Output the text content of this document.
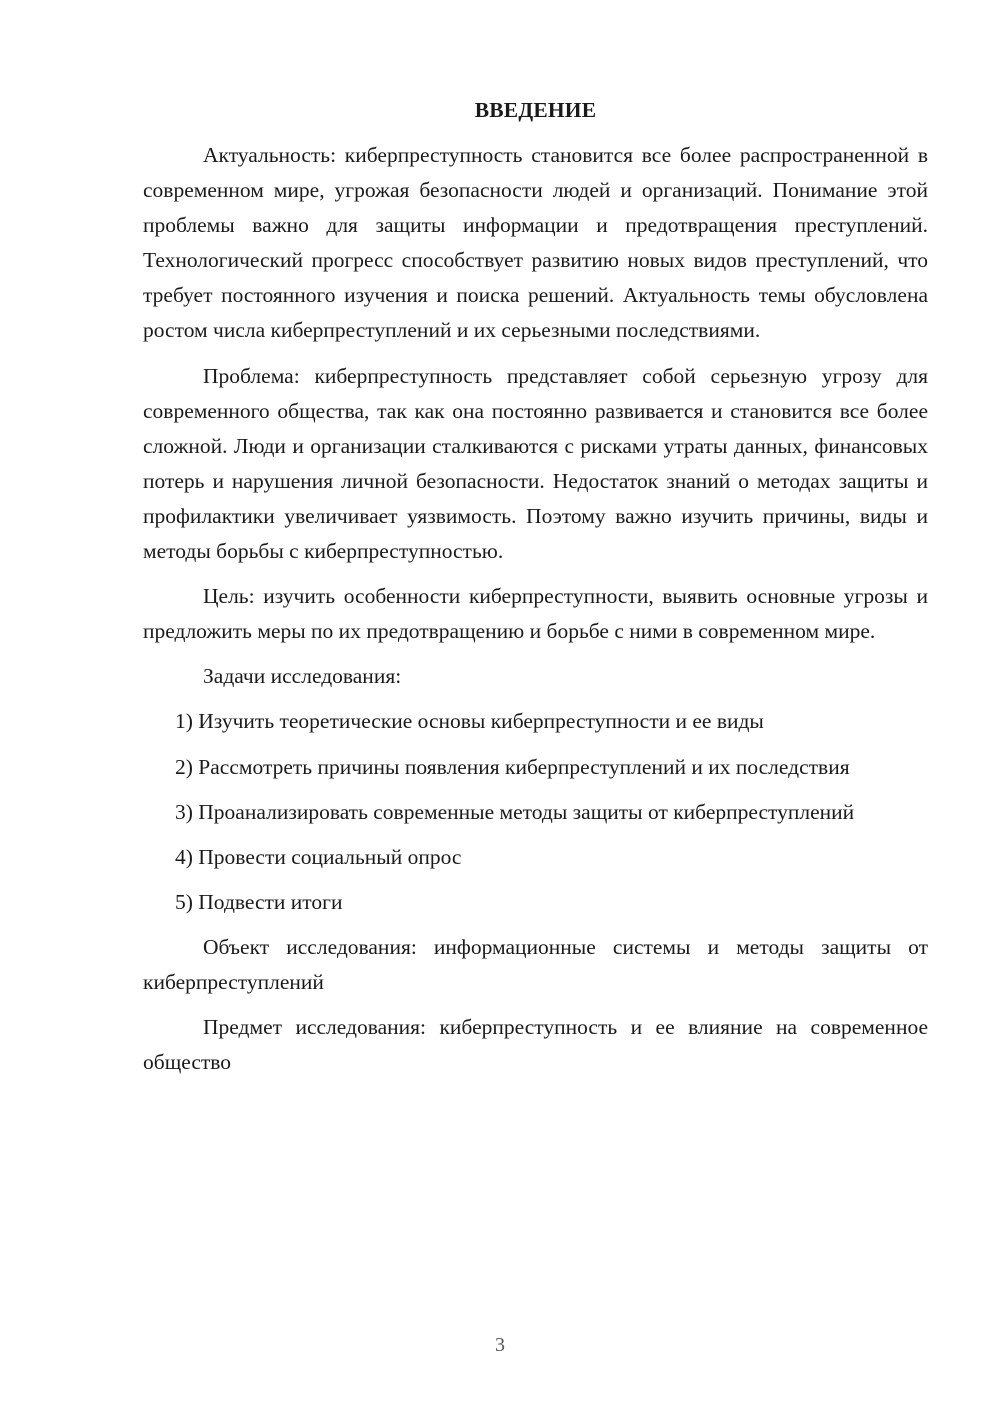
ВВЕДЕНИЕ

Актуальность: киберпреступность становится все более распространенной в современном мире, угрожая безопасности людей и организаций. Понимание этой проблемы важно для защиты информации и предотвращения преступлений. Технологический прогресс способствует развитию новых видов преступлений, что требует постоянного изучения и поиска решений. Актуальность темы обусловлена ростом числа киберпреступлений и их серьезными последствиями.

Проблема: киберпреступность представляет собой серьезную угрозу для современного общества, так как она постоянно развивается и становится все более сложной. Люди и организации сталкиваются с рисками утраты данных, финансовых потерь и нарушения личной безопасности. Недостаток знаний о методах защиты и профилактики увеличивает уязвимость. Поэтому важно изучить причины, виды и методы борьбы с киберпреступностью.

Цель: изучить особенности киберпреступности, выявить основные угрозы и предложить меры по их предотвращению и борьбе с ними в современном мире.

Задачи исследования:

1) Изучить теоретические основы киберпреступности и ее виды

2) Рассмотреть причины появления киберпреступлений и их последствия

3) Проанализировать современные методы защиты от киберпреступлений

4) Провести социальный опрос

5) Подвести итоги

Объект исследования: информационные системы и методы защиты от киберпреступлений

Предмет исследования: киберпреступность и ее влияние на современное общество

3
